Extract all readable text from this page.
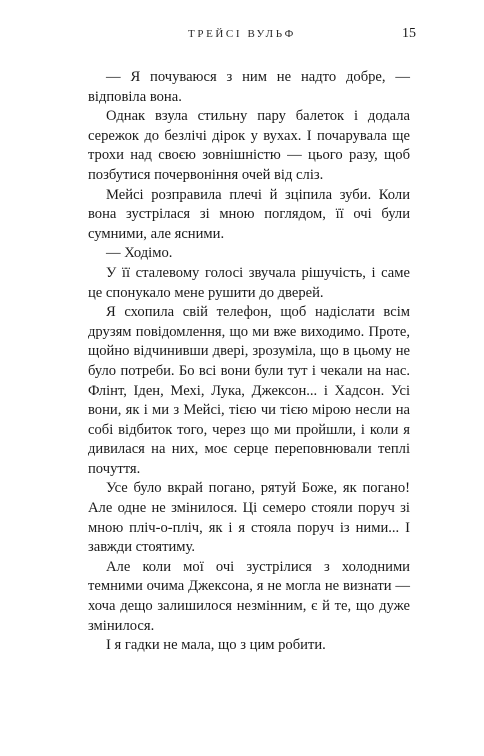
ТРЕЙСІ ВУЛЬФ	15

— Я почуваюся з ним не надто добре, — відповіла вона.

Однак взула стильну пару балеток і додала сережок до безлічі дірок у вухах. І почарувала ще трохи над своєю зовнішністю — цього разу, щоб позбутися почервоніння очей від сліз.

Мейсі розправила плечі й зціпила зуби. Коли вона зустрілася зі мною поглядом, її очі були сумними, але ясними.

— Ходімо.

У її сталевому голосі звучала рішучість, і саме це спонукало мене рушити до дверей.

Я схопила свій телефон, щоб надіслати всім друзям повідомлення, що ми вже виходимо. Проте, щойно відчинивши двері, зрозуміла, що в цьому не було потреби. Бо всі вони були тут і чекали на нас. Флінт, Іден, Мехі, Лука, Джексон... і Хадсон. Усі вони, як і ми з Мейсі, тією чи тією мірою несли на собі відбиток того, через що ми пройшли, і коли я дивилася на них, моє серце переповнювали теплі почуття.

Усе було вкрай погано, рятуй Боже, як погано! Але одне не змінилося. Ці семеро стояли поруч зі мною пліч-о-пліч, як і я стояла поруч із ними... І завжди стоятиму.

Але коли мої очі зустрілися з холодними темними очима Джексона, я не могла не визнати — хоча дещо залишилося незмінним, є й те, що дуже змінилося.

І я гадки не мала, що з цим робити.
